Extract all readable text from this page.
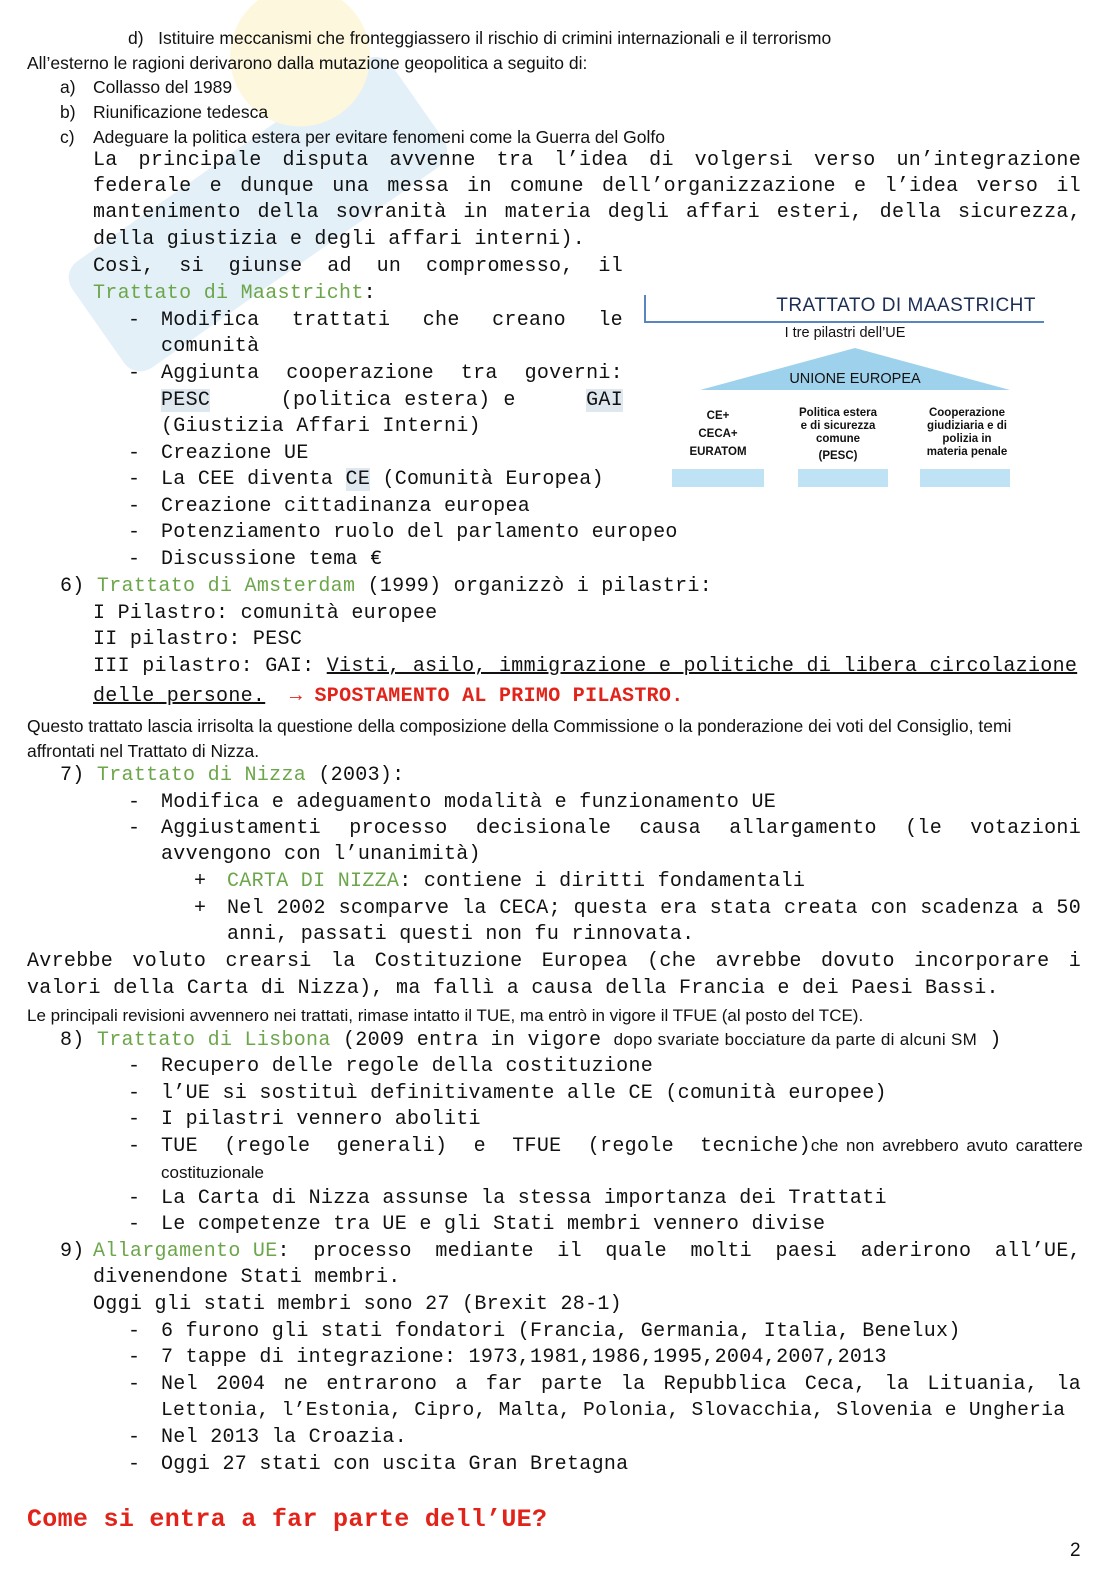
d) Istituire meccanismi che fronteggiassero il rischio di crimini internazionali e il terrorismo
All’esterno le ragioni derivarono dalla mutazione geopolitica a seguito di:
a) Collasso del 1989
b) Riunificazione tedesca
c) Adeguare la politica estera per evitare fenomeni come la Guerra del Golfo
La principale disputa avvenne tra l’idea di volgersi verso un’integrazione
federale e dunque una messa in comune dell’organizzazione e l’idea verso il
mantenimento della sovranità in materia degli affari esteri, della sicurezza,
della giustizia e degli affari interni).
Così, si giunse ad un compromesso, il
Trattato di Maastricht:
- Modifica trattati che creano le
comunità
- Aggiunta cooperazione tra governi:
PESC	(politica estera) e	GAI
(Giustizia Affari Interni)
- Creazione UE
- La CEE diventa CE (Comunità Europea)
- Creazione cittadinanza europea
- Potenziamento ruolo del parlamento europeo
- Discussione tema €
TRATTATO DI MAASTRICHT
I tre pilastri dell’UE
UNIONE EUROPEA
CE+
CECA+
EURATOM
Politica estera
e di sicurezza
comune
(PESC)
Cooperazione
giudiziaria e di
polizia in
materia penale
6) Trattato di Amsterdam (1999) organizzò i pilastri:
I Pilastro: comunità europee
II pilastro: PESC
III pilastro: GAI: Visti, asilo, immigrazione e politiche di libera circolazione
delle persone. → SPOSTAMENTO AL PRIMO PILASTRO.
Questo trattato lascia irrisolta la questione della composizione della Commissione o la ponderazione dei voti del Consiglio, temi
affrontati nel Trattato di Nizza.
7) Trattato di Nizza (2003):
- Modifica e adeguamento modalità e funzionamento UE
- Aggiustamenti processo decisionale causa allargamento (le votazioni
avvengono con l’unanimità)
+ CARTA DI NIZZA: contiene i diritti fondamentali
+ Nel 2002 scomparve la CECA; questa era stata creata con scadenza a 50
anni, passati questi non fu rinnovata.
Avrebbe voluto crearsi la Costituzione Europea (che avrebbe dovuto incorporare i
valori della Carta di Nizza), ma fallì a causa della Francia e dei Paesi Bassi.
Le principali revisioni avvennero nei trattati, rimase intatto il TUE, ma entrò in vigore il TFUE (al posto del TCE).
8) Trattato di Lisbona (2009 entra in vigore dopo svariate bocciature da parte di alcuni SM )
- Recupero delle regole della costituzione
- l’UE si sostituì definitivamente alle CE (comunità europee)
- I pilastri vennero aboliti
- TUE (regole generali) e TFUE (regole tecniche) che non avrebbero avuto carattere
costituzionale
- La Carta di Nizza assunse la stessa importanza dei Trattati
- Le competenze tra UE e gli Stati membri vennero divise
9) Allargamento UE: processo mediante il quale molti paesi aderirono all’UE,
divenendone Stati membri.
Oggi gli stati membri sono 27 (Brexit 28-1)
- 6 furono gli stati fondatori (Francia, Germania, Italia, Benelux)
- 7 tappe di integrazione: 1973,1981,1986,1995,2004,2007,2013
- Nel 2004 ne entrarono a far parte la Repubblica Ceca, la Lituania, la
Lettonia, l’Estonia, Cipro, Malta, Polonia, Slovacchia, Slovenia e Ungheria
- Nel 2013 la Croazia.
- Oggi 27 stati con uscita Gran Bretagna
Come si entra a far parte dell’UE?
2
